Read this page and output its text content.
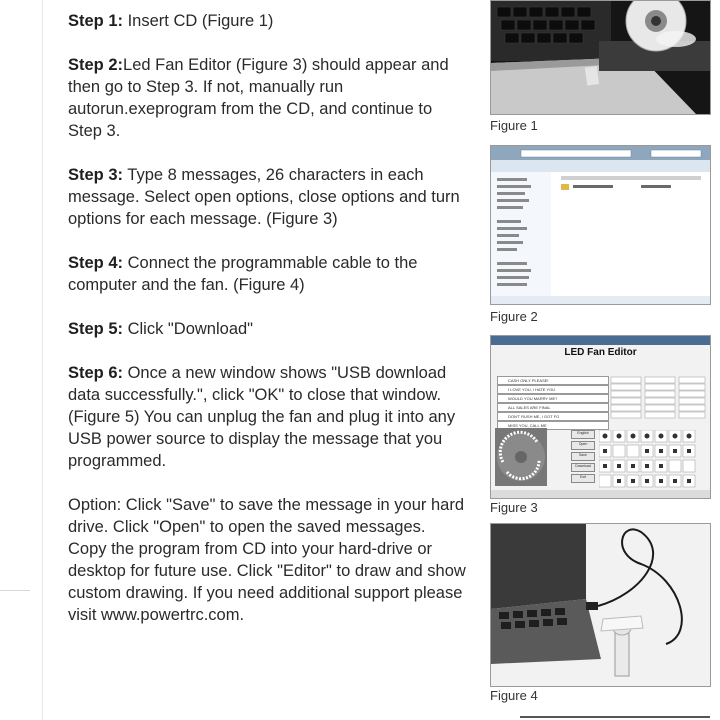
Step 1: Insert CD (Figure 1)

Step 2:Led Fan Editor (Figure 3) should appear and then go to Step 3. If not, manually run autorun.exeprogram from the CD, and continue to Step 3.

Step 3: Type 8 messages, 26 characters in each message. Select open options, close options and turn options for each message. (Figure 3)

Step 4: Connect the programmable cable to the computer and the fan. (Figure 4)

Step 5: Click "Download"

Step 6: Once a new window shows "USB download data successfully.", click "OK" to close that window. (Figure 5) You can unplug the fan and plug it into any USB power source to display the message that you programmed.

Option: Click "Save" to save the message in your hard drive. Click "Open" to open the saved messages. Copy the program from CD into your hard-drive or desktop for future use. Click "Editor" to draw and show custom drawing. If you need additional support please visit www.powertrc.com.

Figure 1
Figure 2
LED Fan Editor
CASH ONLY PLEASE!
I LOVE YOU, I HATE YOU
WOULD YOU MARRY ME?
ALL SALES ARE FINAL
DON'T RUSH ME, I GOT FO
MISS YOU, CALL ME
English
Open
Save
Download
Exit
Figure 3
Figure 4
